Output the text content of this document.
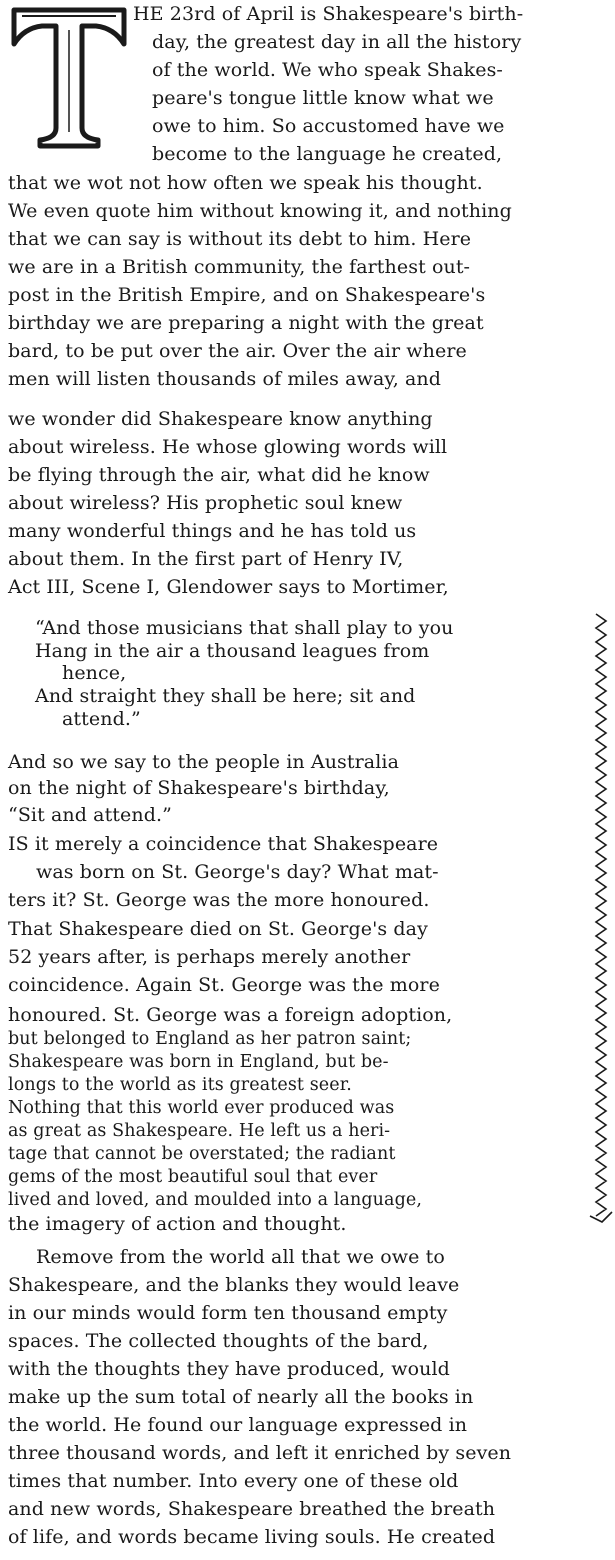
HE 23rd of April is Shakespeare's birth-
day, the greatest day in all the history
of the world. We who speak Shakes-
peare's tongue little know what we
owe to him. So accustomed have we
become to the language he created,
that we wot not how often we speak his thought.
We even quote him without knowing it, and nothing
that we can say is without its debt to him. Here
we are in a British community, the farthest out-
post in the British Empire, and on Shakespeare's
birthday we are preparing a night with the great
bard, to be put over the air. Over the air where
men will listen thousands of miles away, and
we wonder did Shakespeare know anything
about wireless. He whose glowing words will
be flying through the air, what did he know
about wireless? His prophetic soul knew
many wonderful things and he has told us
about them. In the first part of Henry IV,
Act III, Scene I, Glendower says to Mortimer,
“And those musicians that shall play to you
Hang in the air a thousand leagues from
hence,
And straight they shall be here; sit and
attend.”
And so we say to the people in Australia
on the night of Shakespeare's birthday,
“Sit and attend.”
IS it merely a coincidence that Shakespeare
was born on St. George's day? What mat-
ters it? St. George was the more honoured.
That Shakespeare died on St. George's day
52 years after, is perhaps merely another
coincidence. Again St. George was the more
honoured. St. George was a foreign adoption,
but belonged to England as her patron saint;
Shakespeare was born in England, but be-
longs to the world as its greatest seer.
Nothing that this world ever produced was
as great as Shakespeare. He left us a heri-
tage that cannot be overstated; the radiant
gems of the most beautiful soul that ever
lived and loved, and moulded into a language,
the imagery of action and thought.
Remove from the world all that we owe to
Shakespeare, and the blanks they would leave
in our minds would form ten thousand empty
spaces. The collected thoughts of the bard,
with the thoughts they have produced, would
make up the sum total of nearly all the books in
the world. He found our language expressed in
three thousand words, and left it enriched by seven
times that number. Into every one of these old
and new words, Shakespeare breathed the breath
of life, and words became living souls. He created
